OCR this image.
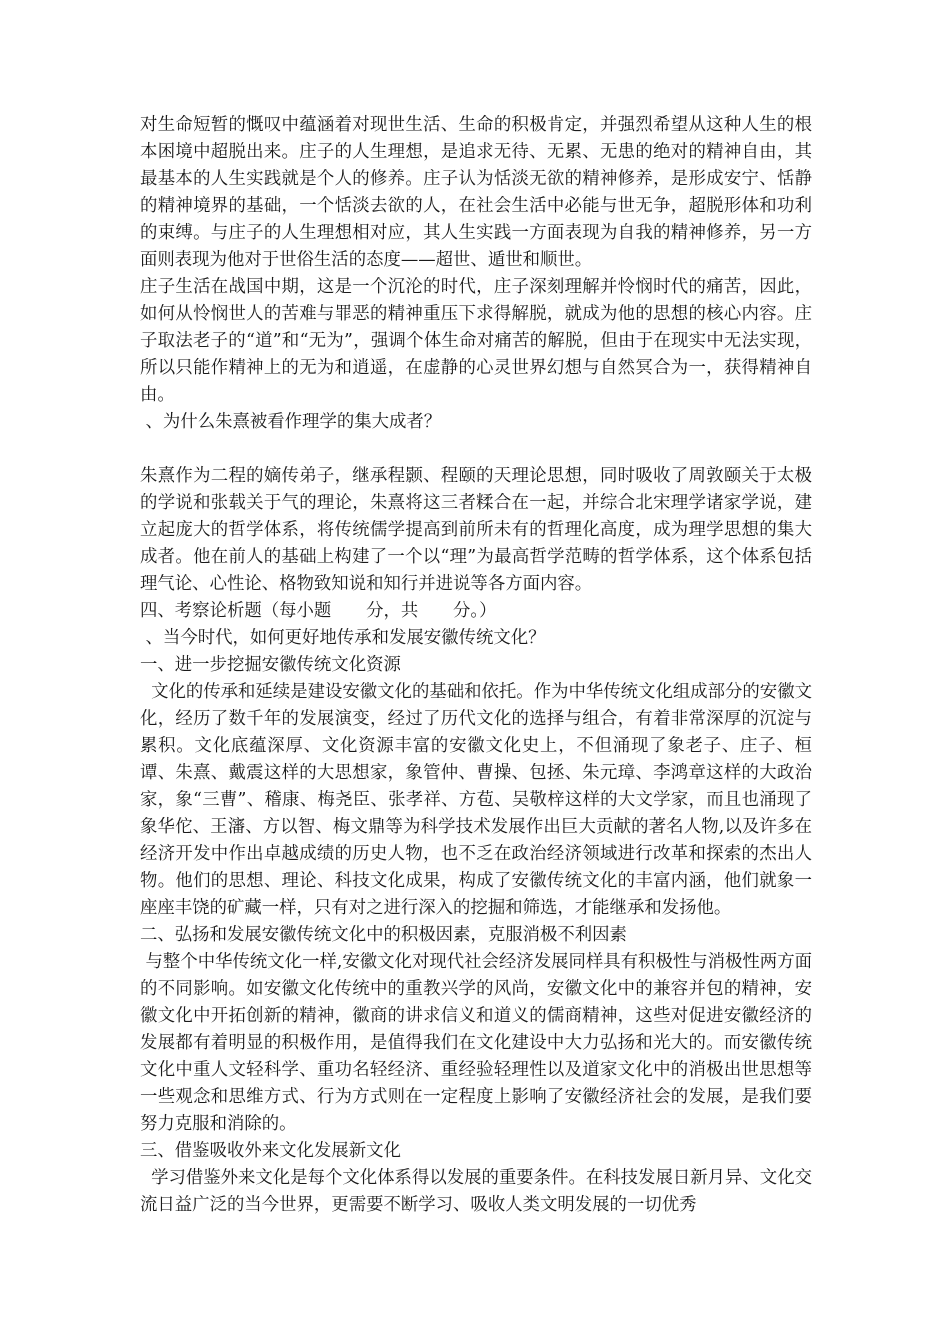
对生命短暂的慨叹中蕴涵着对现世生活、生命的积极肯定，并强烈希望从这种人生的根本困境中超脱出来。庄子的人生理想，是追求无待、无累、无患的绝对的精神自由，其最基本的人生实践就是个人的修养。庄子认为恬淡无欲的精神修养，是形成安宁、恬静的精神境界的基础，一个恬淡去欲的人，在社会生活中必能与世无争，超脱形体和功利的束缚。与庄子的人生理想相对应，其人生实践一方面表现为自我的精神修养，另一方面则表现为他对于世俗生活的态度——超世、遁世和顺世。

庄子生活在战国中期，这是一个沉沦的时代，庄子深刻理解并怜悯时代的痛苦，因此，如何从怜悯世人的苦难与罪恶的精神重压下求得解脱，就成为他的思想的核心内容。庄子取法老子的“道”和“无为”，强调个体生命对痛苦的解脱，但由于在现实中无法实现，所以只能作精神上的无为和逍遥，在虚静的心灵世界幻想与自然冥合为一，获得精神自由。

、为什么朱熹被看作理学的集大成者？

朱熹作为二程的嫡传弟子，继承程颢、程颐的天理论思想，同时吸收了周敦颐关于太极的学说和张载关于气的理论，朱熹将这三者糅合在一起，并综合北宋理学诸家学说，建立起庞大的哲学体系，将传统儒学提高到前所未有的哲理化高度，成为理学思想的集大成者。他在前人的基础上构建了一个以“理”为最高哲学范畴的哲学体系，这个体系包括理气论、心性论、格物致知说和知行并进说等各方面内容。

四、考察论析题（每小题　　分，共　　分。）

、当今时代，如何更好地传承和发展安徽传统文化？

一、进一步挖掘安徽传统文化资源

文化的传承和延续是建设安徽文化的基础和依托。作为中华传统文化组成部分的安徽文化，经历了数千年的发展演变，经过了历代文化的选择与组合，有着非常深厚的沉淀与累积。文化底蕴深厚、文化资源丰富的安徽文化史上，不但涌现了象老子、庄子、桓谭、朱熹、戴震这样的大思想家，象管仲、曹操、包拯、朱元璋、李鸿章这样的大政治家，象“三曹”、稽康、梅尧臣、张孝祥、方苞、吴敬梓这样的大文学家，而且也涌现了象华佗、王瀋、方以智、梅文鼎等为科学技术发展作出巨大贡献的著名人物,以及许多在经济开发中作出卓越成绩的历史人物，也不乏在政治经济领域进行改革和探索的杰出人物。他们的思想、理论、科技文化成果，构成了安徽传统文化的丰富内涵，他们就象一座座丰饶的矿藏一样，只有对之进行深入的挖掘和筛选，才能继承和发扬他。

二、弘扬和发展安徽传统文化中的积极因素，克服消极不利因素

与整个中华传统文化一样,安徽文化对现代社会经济发展同样具有积极性与消极性两方面的不同影响。如安徽文化传统中的重教兴学的风尚，安徽文化中的兼容并包的精神，安徽文化中开拓创新的精神，徽商的讲求信义和道义的儒商精神，这些对促进安徽经济的发展都有着明显的积极作用，是值得我们在文化建设中大力弘扬和光大的。而安徽传统文化中重人文轻科学、重功名轻经济、重经验轻理性以及道家文化中的消极出世思想等一些观念和思维方式、行为方式则在一定程度上影响了安徽经济社会的发展，是我们要努力克服和消除的。

三、借鉴吸收外来文化发展新文化

学习借鉴外来文化是每个文化体系得以发展的重要条件。在科技发展日新月异、文化交流日益广泛的当今世界，更需要不断学习、吸收人类文明发展的一切优秀
